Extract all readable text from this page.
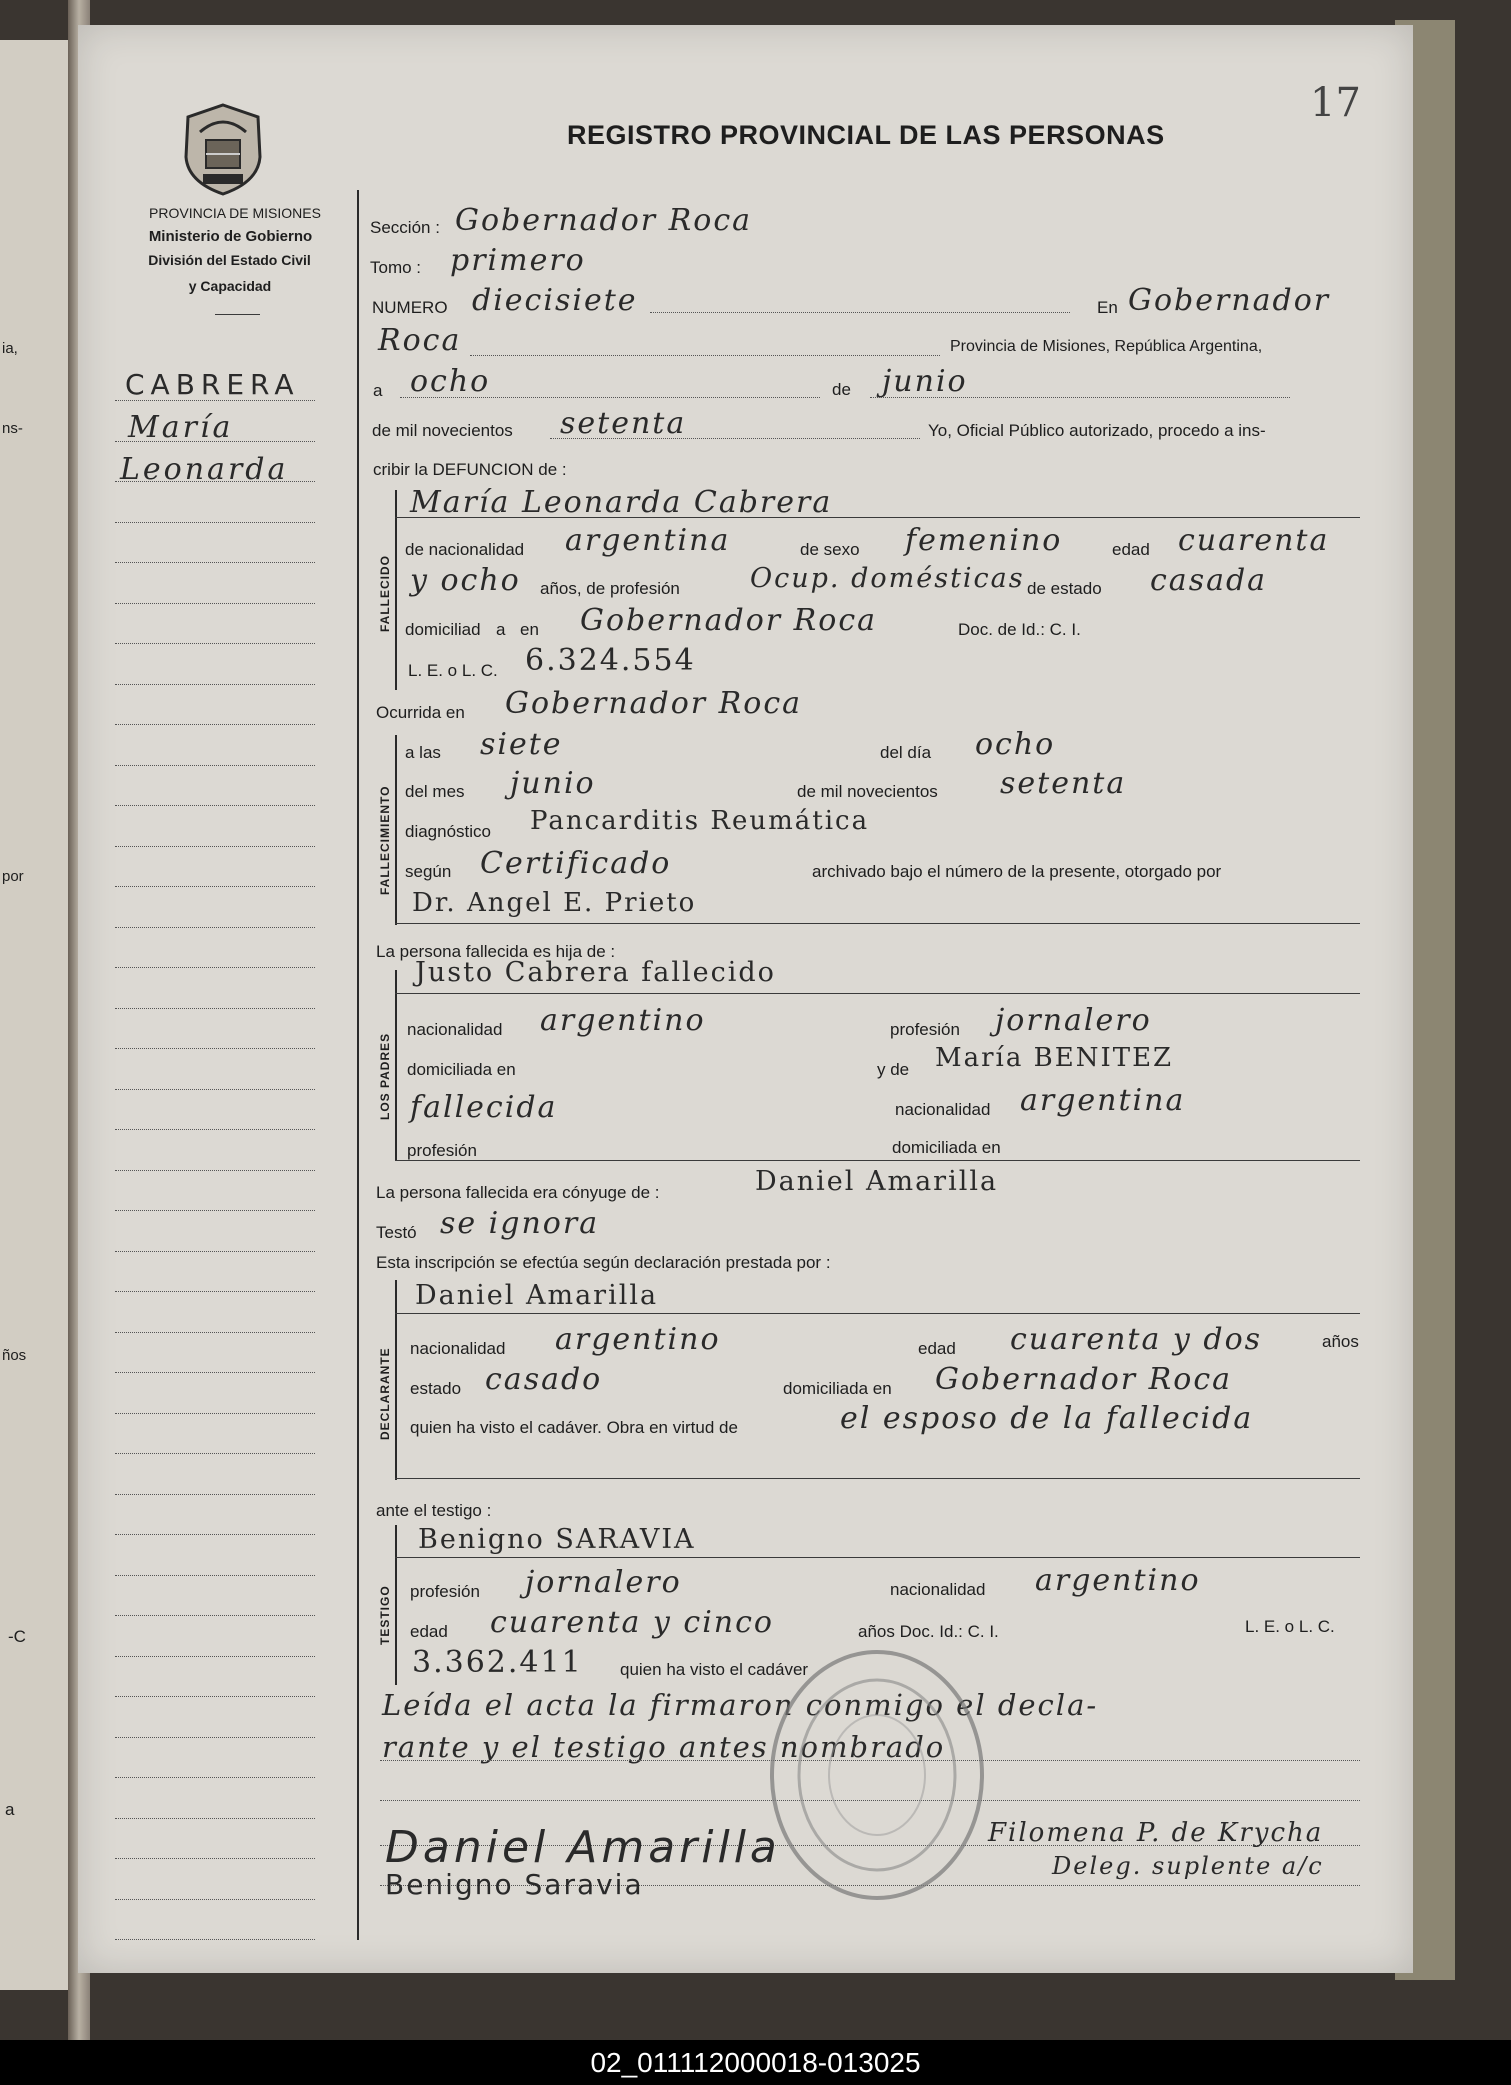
ia,
ns-
por
ños
-C
a
17
PROVINCIA DE MISIONES
Ministerio de Gobierno
División del Estado Civil
y Capacidad
REGISTRO PROVINCIAL DE LAS PERSONAS
CABRERA
María
Leonarda
Sección : Gobernador Roca
Tomo : primero
NUMERO diecisiete	En Gobernador
Roca	Provincia de Misiones, República Argentina,
a ocho	de junio
de mil novecientos setenta	Yo, Oficial Público autorizado, procedo a ins-
cribir la DEFUNCION de :
FALLECIDO
María Leonarda Cabrera
de nacionalidad argentina	de sexo femenino	edad cuarenta
y ocho años, de profesión	Ocup. domésticas de estado casada
domiciliad a en Gobernador Roca	Doc. de Id.: C. I.
L. E. o L. C. 6.324.554
Ocurrida en Gobernador Roca
FALLECIMIENTO
a las siete	del día ocho
del mes junio	de mil novecientos setenta
diagnóstico Pancarditis Reumática
según Certificado	archivado bajo el número de la presente, otorgado por
Dr. Angel E. Prieto
La persona fallecida es hija de :
LOS PADRES
Justo Cabrera fallecido
nacionalidad argentino	profesión jornalero
domiciliada en	y de María BENITEZ
fallecida	nacionalidad argentina
profesión	domiciliada en
La persona fallecida era cónyuge de :	Daniel Amarilla
Testó se ignora
Esta inscripción se efectúa según declaración prestada por :
DECLARANTE
Daniel Amarilla
nacionalidad argentino	edad cuarenta y dos	años
estado casado	domiciliada en Gobernador Roca
quien ha visto el cadáver. Obra en virtud de	el esposo de la fallecida
ante el testigo :
TESTIGO
Benigno SARAVIA
profesión jornalero	nacionalidad argentino
edad cuarenta y cinco	años Doc. Id.: C. I.	L. E. o L. C.
3.362.411 quien ha visto el cadáver
Leída el acta la firmaron conmigo el decla-
rante y el testigo antes nombrado
Daniel Amarilla
Benigno Saravia
Filomena P. de Krycha
Deleg. suplente a/c
02_011112000018-013025
